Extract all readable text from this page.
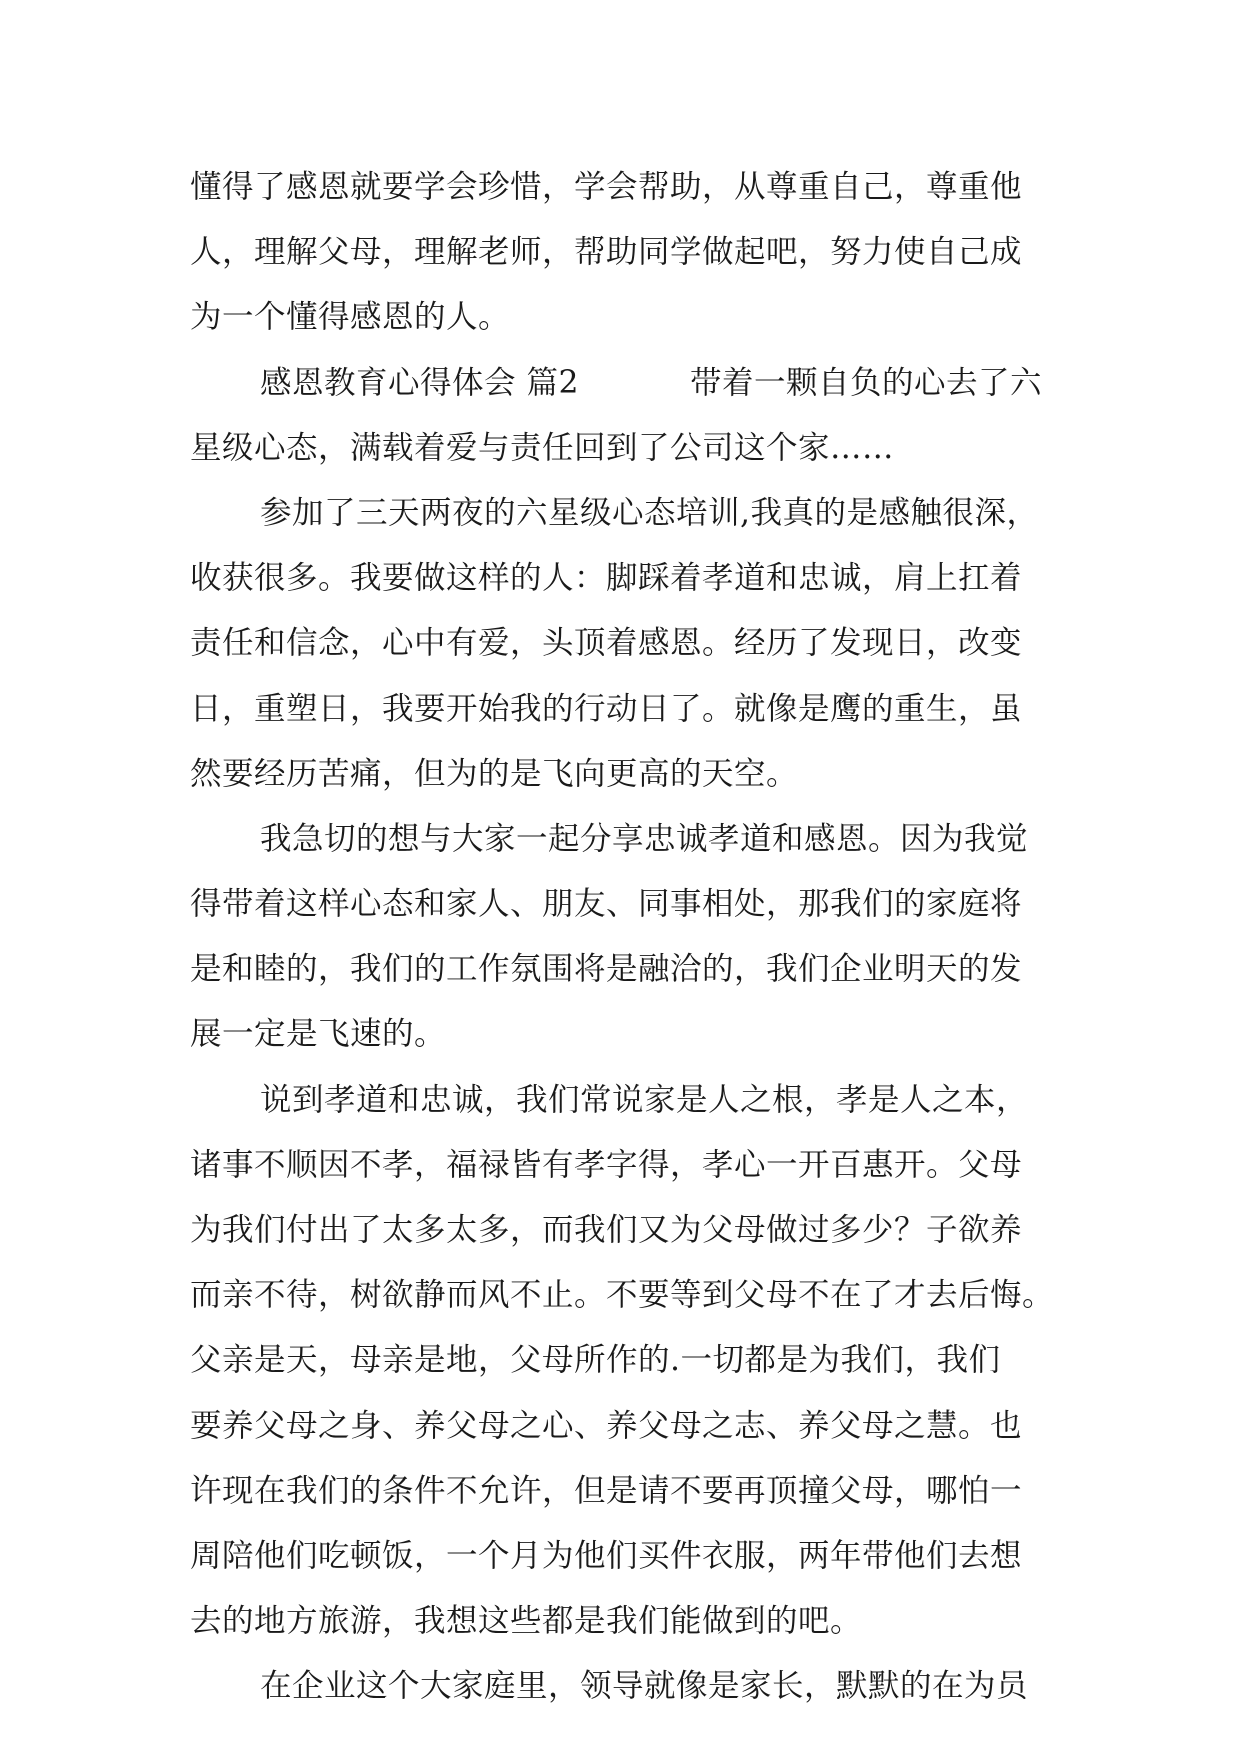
懂得了感恩就要学会珍惜，学会帮助，从尊重自己，尊重他
人，理解父母，理解老师，帮助同学做起吧，努力使自己成
为一个懂得感恩的人。
感恩教育心得体会 篇2	带着一颗自负的心去了六
星级心态，满载着爱与责任回到了公司这个家……
参加了三天两夜的六星级心态培训,我真的是感触很深，
收获很多。我要做这样的人：脚踩着孝道和忠诚，肩上扛着
责任和信念，心中有爱，头顶着感恩。经历了发现日，改变
日，重塑日，我要开始我的行动日了。就像是鹰的重生，虽
然要经历苦痛，但为的是飞向更高的天空。
我急切的想与大家一起分享忠诚孝道和感恩。因为我觉
得带着这样心态和家人、朋友、同事相处，那我们的家庭将
是和睦的，我们的工作氛围将是融洽的，我们企业明天的发
展一定是飞速的。
说到孝道和忠诚，我们常说家是人之根，孝是人之本，
诸事不顺因不孝，福禄皆有孝字得，孝心一开百惠开。父母
为我们付出了太多太多，而我们又为父母做过多少？子欲养
而亲不待，树欲静而风不止。不要等到父母不在了才去后悔。
父亲是天，母亲是地，父母所作的.一切都是为我们，我们
要养父母之身、养父母之心、养父母之志、养父母之慧。也
许现在我们的条件不允许，但是请不要再顶撞父母，哪怕一
周陪他们吃顿饭，一个月为他们买件衣服，两年带他们去想
去的地方旅游，我想这些都是我们能做到的吧。
在企业这个大家庭里，领导就像是家长，默默的在为员
